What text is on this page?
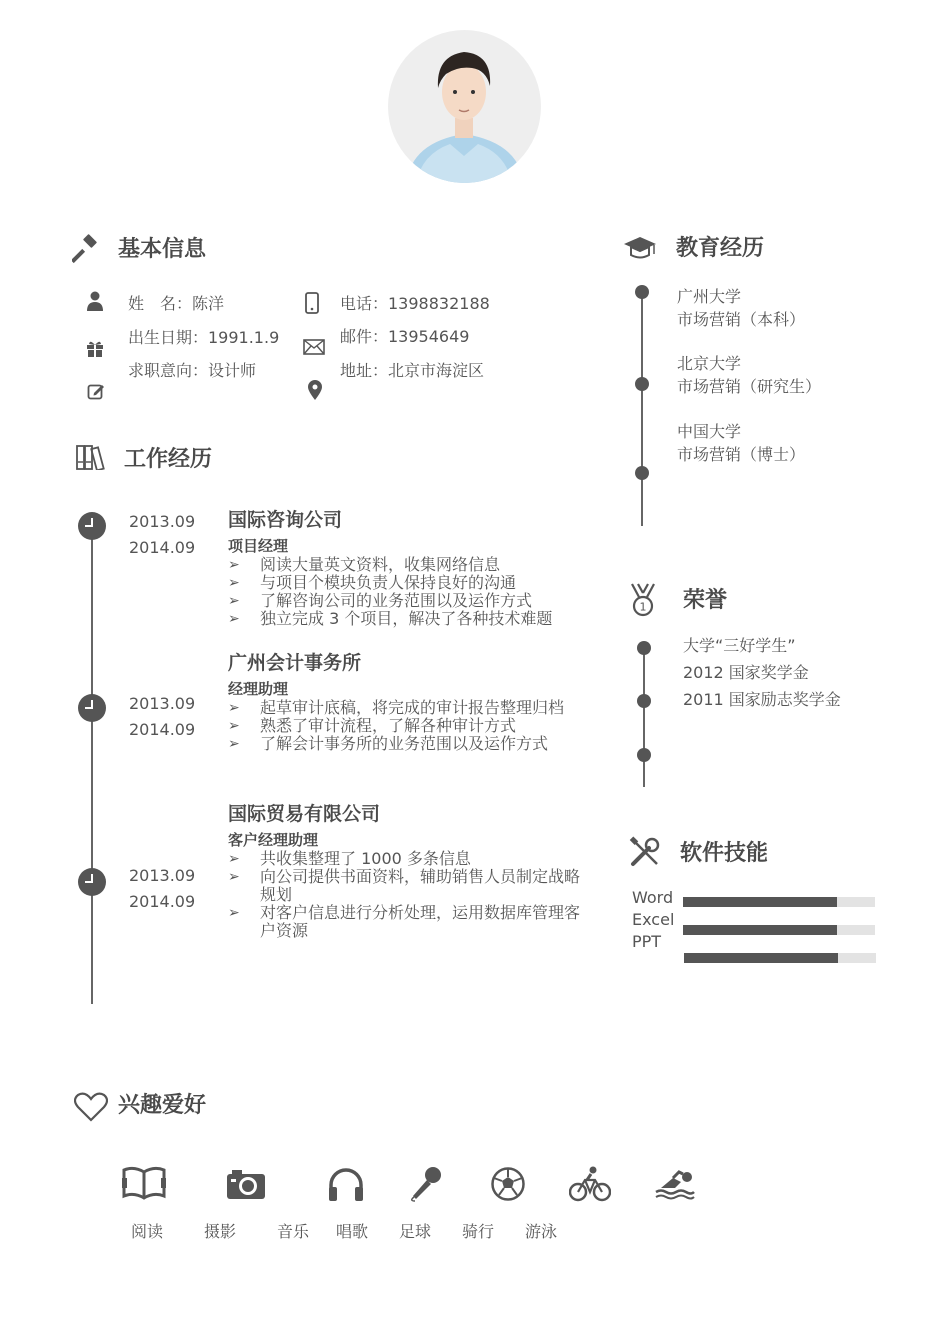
基本信息
姓　名：陈洋
出生日期：1991.1.9
求职意向：设计师
电话：1398832188
邮件：13954649
地址：北京市海淀区
工作经历
2013.09
2014.09
国际咨询公司
项目经理
➢ 阅读大量英文资料，收集网络信息
➢ 与项目个模块负责人保持良好的沟通
➢ 了解咨询公司的业务范围以及运作方式
➢ 独立完成 3 个项目，解决了各种技术难题
2013.09
2014.09
广州会计事务所
经理助理
➢ 起草审计底稿，将完成的审计报告整理归档
➢ 熟悉了审计流程，了解各种审计方式
➢ 了解会计事务所的业务范围以及运作方式
2013.09
2014.09
国际贸易有限公司
客户经理助理
➢ 共收集整理了 1000 多条信息
➢ 向公司提供书面资料，辅助销售人员制定战略规划
➢ 对客户信息进行分析处理，运用数据库管理客户资源
教育经历
广州大学
市场营销（本科）
北京大学
市场营销（研究生）
中国大学
市场营销（博士）
1 荣誉
大学“三好学生”
2012 国家奖学金
2011 国家励志奖学金
软件技能
Word
Excel
PPT
兴趣爱好
阅读	摄影	音乐 唱歌 足球 骑行 游泳
